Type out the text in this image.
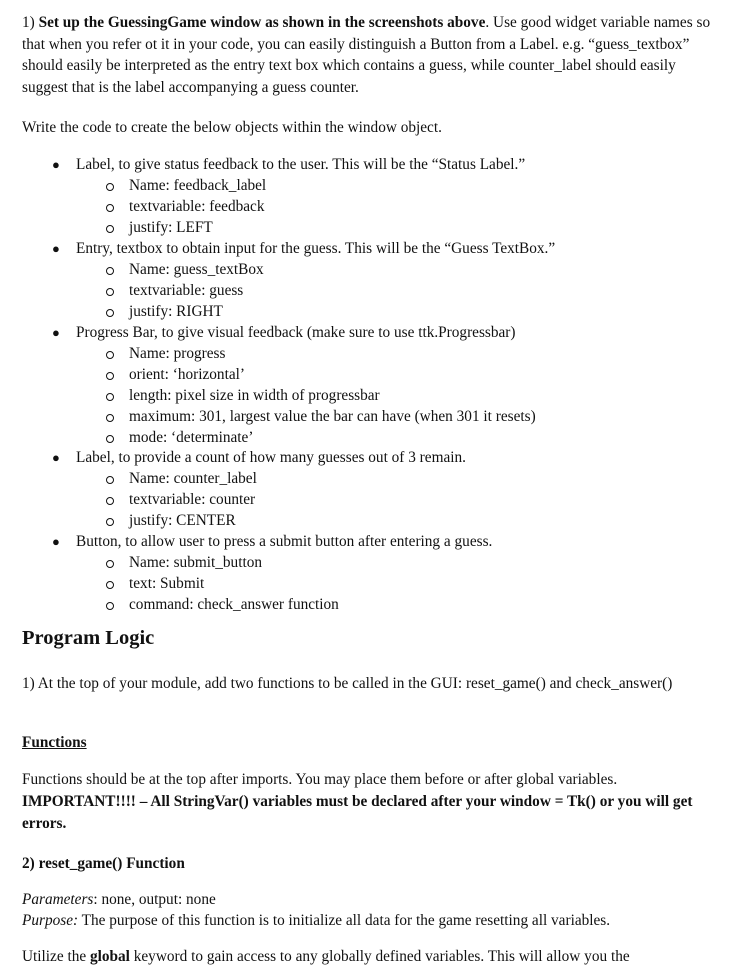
1) Set up the GuessingGame window as shown in the screenshots above. Use good widget variable names so that when you refer ot it in your code, you can easily distinguish a Button from a Label. e.g. “guess_textbox” should easily be interpreted as the entry text box which contains a guess, while counter_label should easily suggest that is the label accompanying a guess counter.

Write the code to create the below objects within the window object.

● Label, to give status feedback to the user. This will be the “Status Label.”
Name: feedback_label
textvariable: feedback
justify: LEFT
● Entry, textbox to obtain input for the guess. This will be the “Guess TextBox.”
Name: guess_textBox
textvariable: guess
justify: RIGHT
● Progress Bar, to give visual feedback (make sure to use ttk.Progressbar)
Name: progress
orient: ‘horizontal’
length: pixel size in width of progressbar
maximum: 301, largest value the bar can have (when 301 it resets)
mode: ‘determinate’
● Label, to provide a count of how many guesses out of 3 remain.
Name: counter_label
textvariable: counter
justify: CENTER
● Button, to allow user to press a submit button after entering a guess.
Name: submit_button
text: Submit
command: check_answer function

Program Logic

1) At the top of your module, add two functions to be called in the GUI: reset_game() and check_answer()

Functions

Functions should be at the top after imports. You may place them before or after global variables.

IMPORTANT!!!! – All StringVar() variables must be declared after your window = Tk() or you will get errors.

2) reset_game() Function

Parameters: none, output: none

Purpose: The purpose of this function is to initialize all data for the game resetting all variables.

Utilize the global keyword to gain access to any globally defined variables. This will allow you the
